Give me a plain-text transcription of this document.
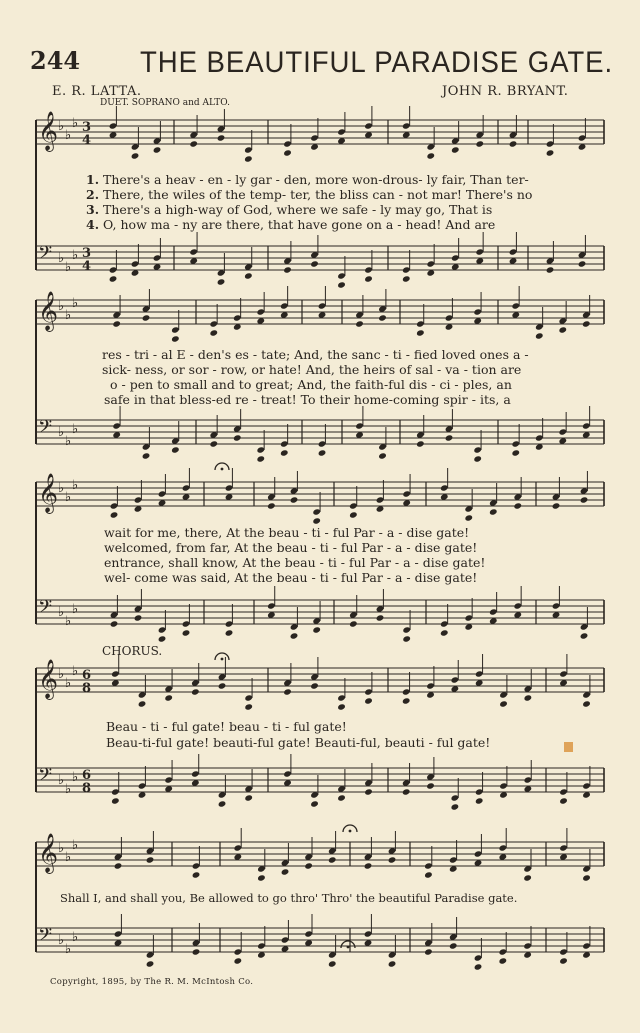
244 THE BEAUTIFUL PARADISE GATE.
E. R. LATTA.	JOHN R. BRYANT.
DUET. SOPRANO and ALTO.
𝄞 ♭
♭
♭ 3
4
𝄢 ♭
♭
♭ 3
4
𝄞 ♭
♭
♭
𝄢 ♭
♭
♭
𝄞 ♭
♭
♭
𝄢 ♭
♭
♭
𝄞 ♭
♭
♭ 6
8
𝄢 ♭
♭
♭ 6
8
𝄞 ♭
♭
♭
𝄢 ♭
♭
♭
1. There's a heav - en - ly gar - den, more won-drous- ly fair, Than ter-
2. There, the wiles of the temp- ter, the bliss can - not mar! There's no
3. There's a high-way of God, where we safe - ly may go, That is
4. O, how ma - ny are there, that have gone on a - head! And are
res - tri - al E - den's es - tate; And, the sanc - ti - fied loved ones a -
sick- ness, or sor - row, or hate! And, the heirs of sal - va - tion are
o - pen to small and to great; And, the faith-ful dis - ci - ples, an
safe in that bless-ed re - treat! To their home-coming spir - its, a
wait for me, there, At the beau - ti - ful Par - a - dise gate!
welcomed, from far, At the beau - ti - ful Par - a - dise gate!
entrance, shall know, At the beau - ti - ful Par - a - dise gate!
wel- come was said, At the beau - ti - ful Par - a - dise gate!
CHORUS.
Beau - ti - ful gate! beau - ti - ful gate!
Beau-ti-ful gate! beauti-ful gate! Beauti-ful, beauti - ful gate!
Shall I, and shall you, Be allowed to go thro' Thro' the beautiful Paradise gate.
Copyright, 1895, by The R. M. McIntosh Co.
